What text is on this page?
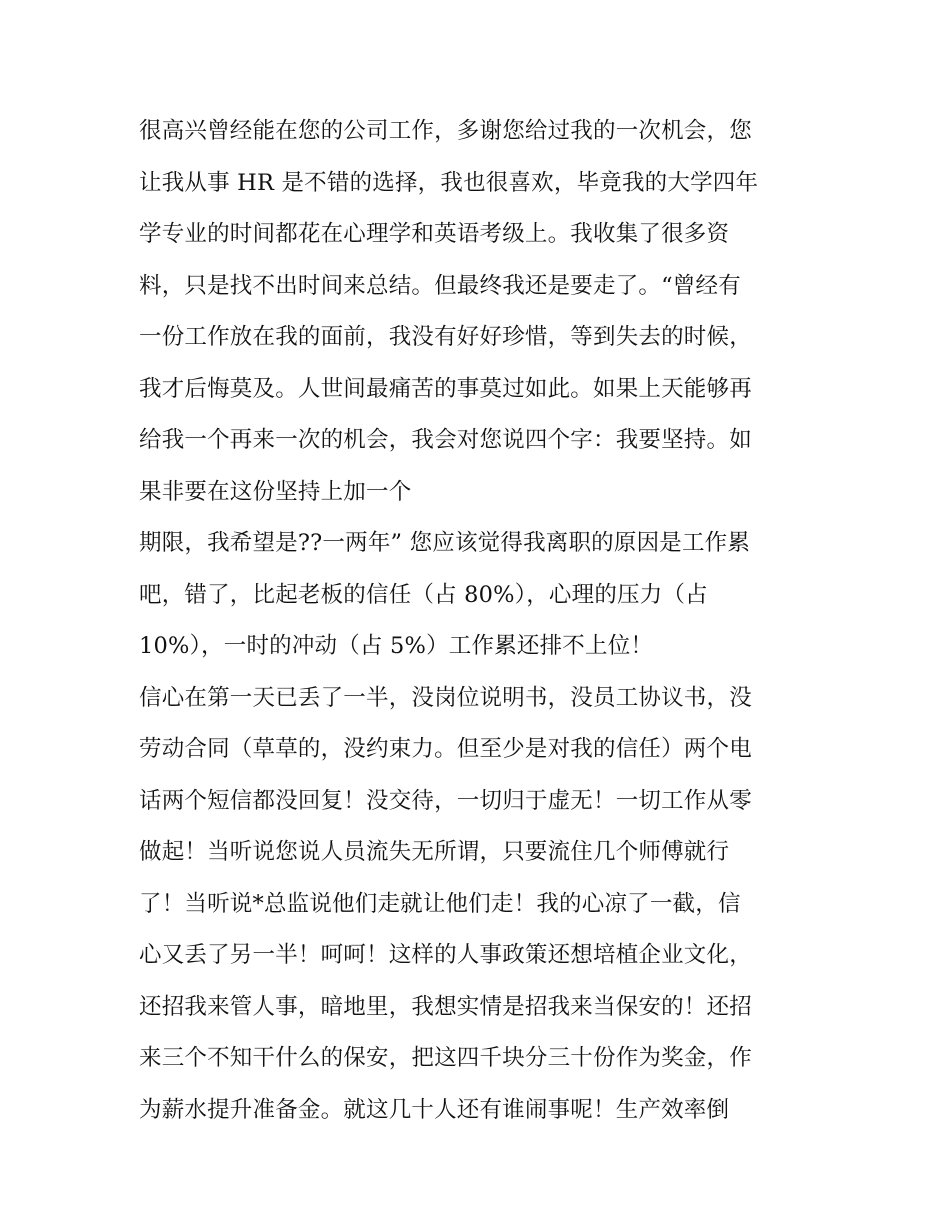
很高兴曾经能在您的公司工作，多谢您给过我的一次机会，您
让我从事 HR 是不错的选择，我也很喜欢，毕竟我的大学四年
学专业的时间都花在心理学和英语考级上。我收集了很多资
料，只是找不出时间来总结。但最终我还是要走了。“曾经有
一份工作放在我的面前，我没有好好珍惜，等到失去的时候，
我才后悔莫及。人世间最痛苦的事莫过如此。如果上天能够再
给我一个再来一次的机会，我会对您说四个字：我要坚持。如
果非要在这份坚持上加一个
期限，我希望是??一两年” 您应该觉得我离职的原因是工作累
吧，错了，比起老板的信任（占 80%），心理的压力（占
10%），一时的冲动（占 5%）工作累还排不上位！
信心在第一天已丢了一半，没岗位说明书，没员工协议书，没
劳动合同（草草的，没约束力。但至少是对我的信任）两个电
话两个短信都没回复！没交待，一切归于虚无！一切工作从零
做起！当听说您说人员流失无所谓，只要流住几个师傅就行
了！当听说*总监说他们走就让他们走！我的心凉了一截，信
心又丢了另一半！呵呵！这样的人事政策还想培植企业文化，
还招我来管人事，暗地里，我想实情是招我来当保安的！还招
来三个不知干什么的保安，把这四千块分三十份作为奖金，作
为薪水提升准备金。就这几十人还有谁闹事呢！生产效率倒
